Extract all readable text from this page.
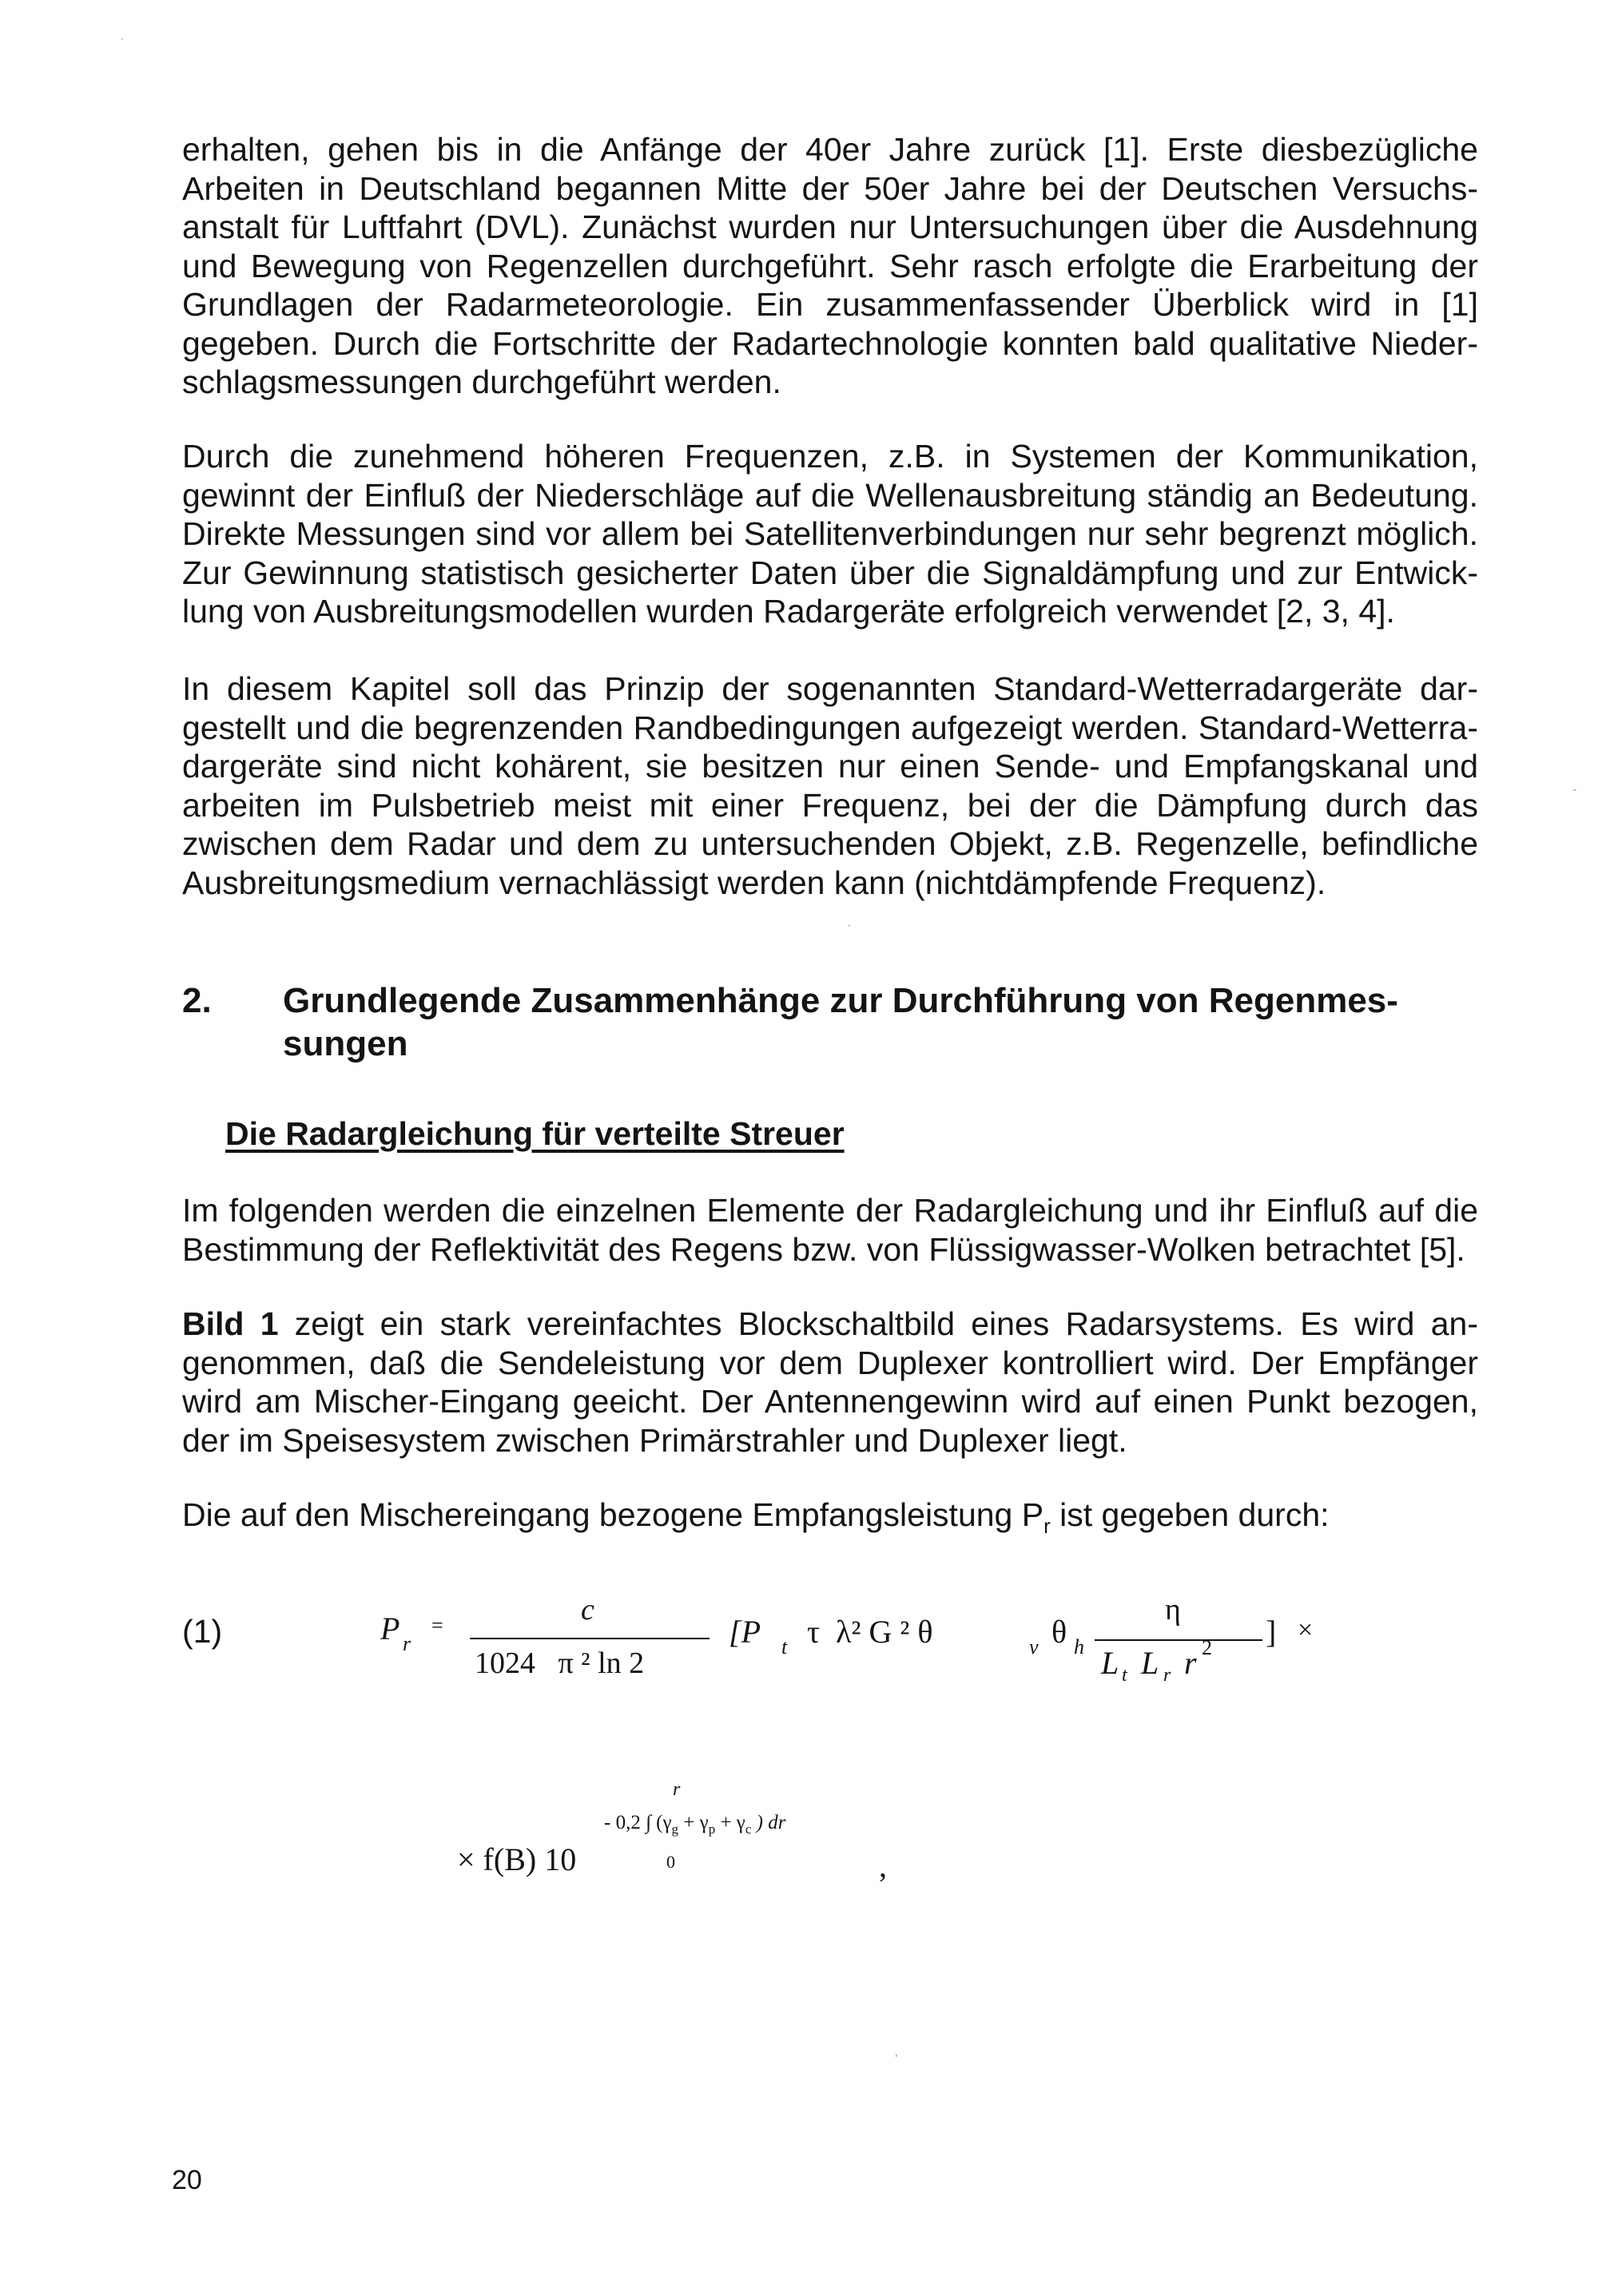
erhalten, gehen bis in die Anfänge der 40er Jahre zurück [1]. Erste diesbezügliche
Arbeiten in Deutschland begannen Mitte der 50er Jahre bei der Deutschen Versuchs-
anstalt für Luftfahrt (DVL). Zunächst wurden nur Untersuchungen über die Ausdehnung
und Bewegung von Regenzellen durchgeführt. Sehr rasch erfolgte die Erarbeitung der
Grundlagen der Radarmeteorologie. Ein zusammenfassender Überblick wird in [1]
gegeben. Durch die Fortschritte der Radartechnologie konnten bald qualitative Nieder-
schlagsmessungen durchgeführt werden.
Durch die zunehmend höheren Frequenzen, z.B. in Systemen der Kommunikation,
gewinnt der Einfluß der Niederschläge auf die Wellenausbreitung ständig an Bedeutung.
Direkte Messungen sind vor allem bei Satellitenverbindungen nur sehr begrenzt möglich.
Zur Gewinnung statistisch gesicherter Daten über die Signaldämpfung und zur Entwick-
lung von Ausbreitungsmodellen wurden Radargeräte erfolgreich verwendet [2, 3, 4].
In diesem Kapitel soll das Prinzip der sogenannten Standard-Wetterradargeräte dar-
gestellt und die begrenzenden Randbedingungen aufgezeigt werden. Standard-Wetterra-
dargeräte sind nicht kohärent, sie besitzen nur einen Sende- und Empfangskanal und
arbeiten im Pulsbetrieb meist mit einer Frequenz, bei der die Dämpfung durch das
zwischen dem Radar und dem zu untersuchenden Objekt, z.B. Regenzelle, befindliche
Ausbreitungsmedium vernachlässigt werden kann (nichtdämpfende Frequenz).
2. Grundlegende Zusammenhänge zur Durchführung von Regenmes-
sungen
Die Radargleichung für verteilte Streuer
Im folgenden werden die einzelnen Elemente der Radargleichung und ihr Einfluß auf die
Bestimmung der Reflektivität des Regens bzw. von Flüssigwasser-Wolken betrachtet [5].
Bild 1 zeigt ein stark vereinfachtes Blockschaltbild eines Radarsystems. Es wird an-
genommen, daß die Sendeleistung vor dem Duplexer kontrolliert wird. Der Empfänger
wird am Mischer-Eingang geeicht. Der Antennengewinn wird auf einen Punkt bezogen,
der im Speisesystem zwischen Primärstrahler und Duplexer liegt.
Die auf den Mischereingang bezogene Empfangsleistung $P_r$ ist gegeben durch:
(1)	P r
=	c
1024   π ² ln 2
[P t τ  λ² G ² θ	v θ h
η
L t L r r 2 ] ×
r
- 0,2 ∫ ($\gamma_g + \gamma_p + \gamma_c$ ) dr
× f(B) 10	0	,
20
·
‐
·
‚
